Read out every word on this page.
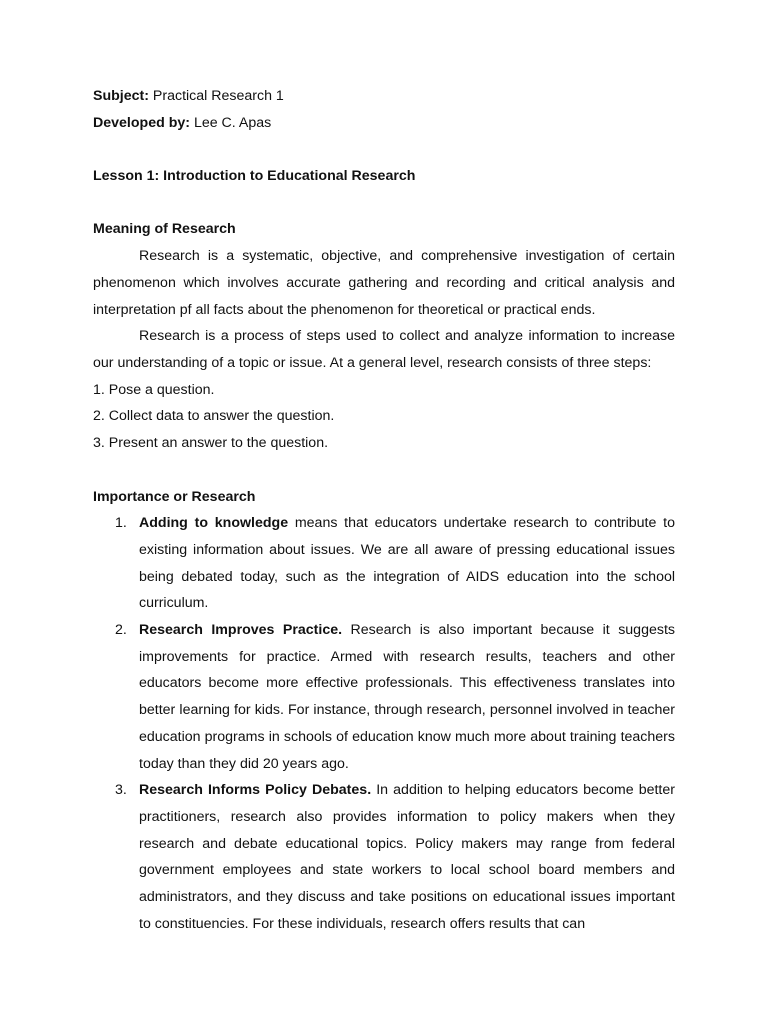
Subject: Practical Research 1

Developed by: Lee C. Apas

Lesson 1: Introduction to Educational Research

Meaning of Research

Research is a systematic, objective, and comprehensive investigation of certain phenomenon which involves accurate gathering and recording and critical analysis and interpretation pf all facts about the phenomenon for theoretical or practical ends.

Research is a process of steps used to collect and analyze information to increase our understanding of a topic or issue. At a general level, research consists of three steps:

1. Pose a question.
2. Collect data to answer the question.
3. Present an answer to the question.

Importance or Research

1. Adding to knowledge means that educators undertake research to contribute to existing information about issues. We are all aware of pressing educational issues being debated today, such as the integration of AIDS education into the school curriculum.
2. Research Improves Practice. Research is also important because it suggests improvements for practice. Armed with research results, teachers and other educators become more effective professionals. This effectiveness translates into better learning for kids. For instance, through research, personnel involved in teacher education programs in schools of education know much more about training teachers today than they did 20 years ago.
3. Research Informs Policy Debates. In addition to helping educators become better practitioners, research also provides information to policy makers when they research and debate educational topics. Policy makers may range from federal government employees and state workers to local school board members and administrators, and they discuss and take positions on educational issues important to constituencies. For these individuals, research offers results that can
